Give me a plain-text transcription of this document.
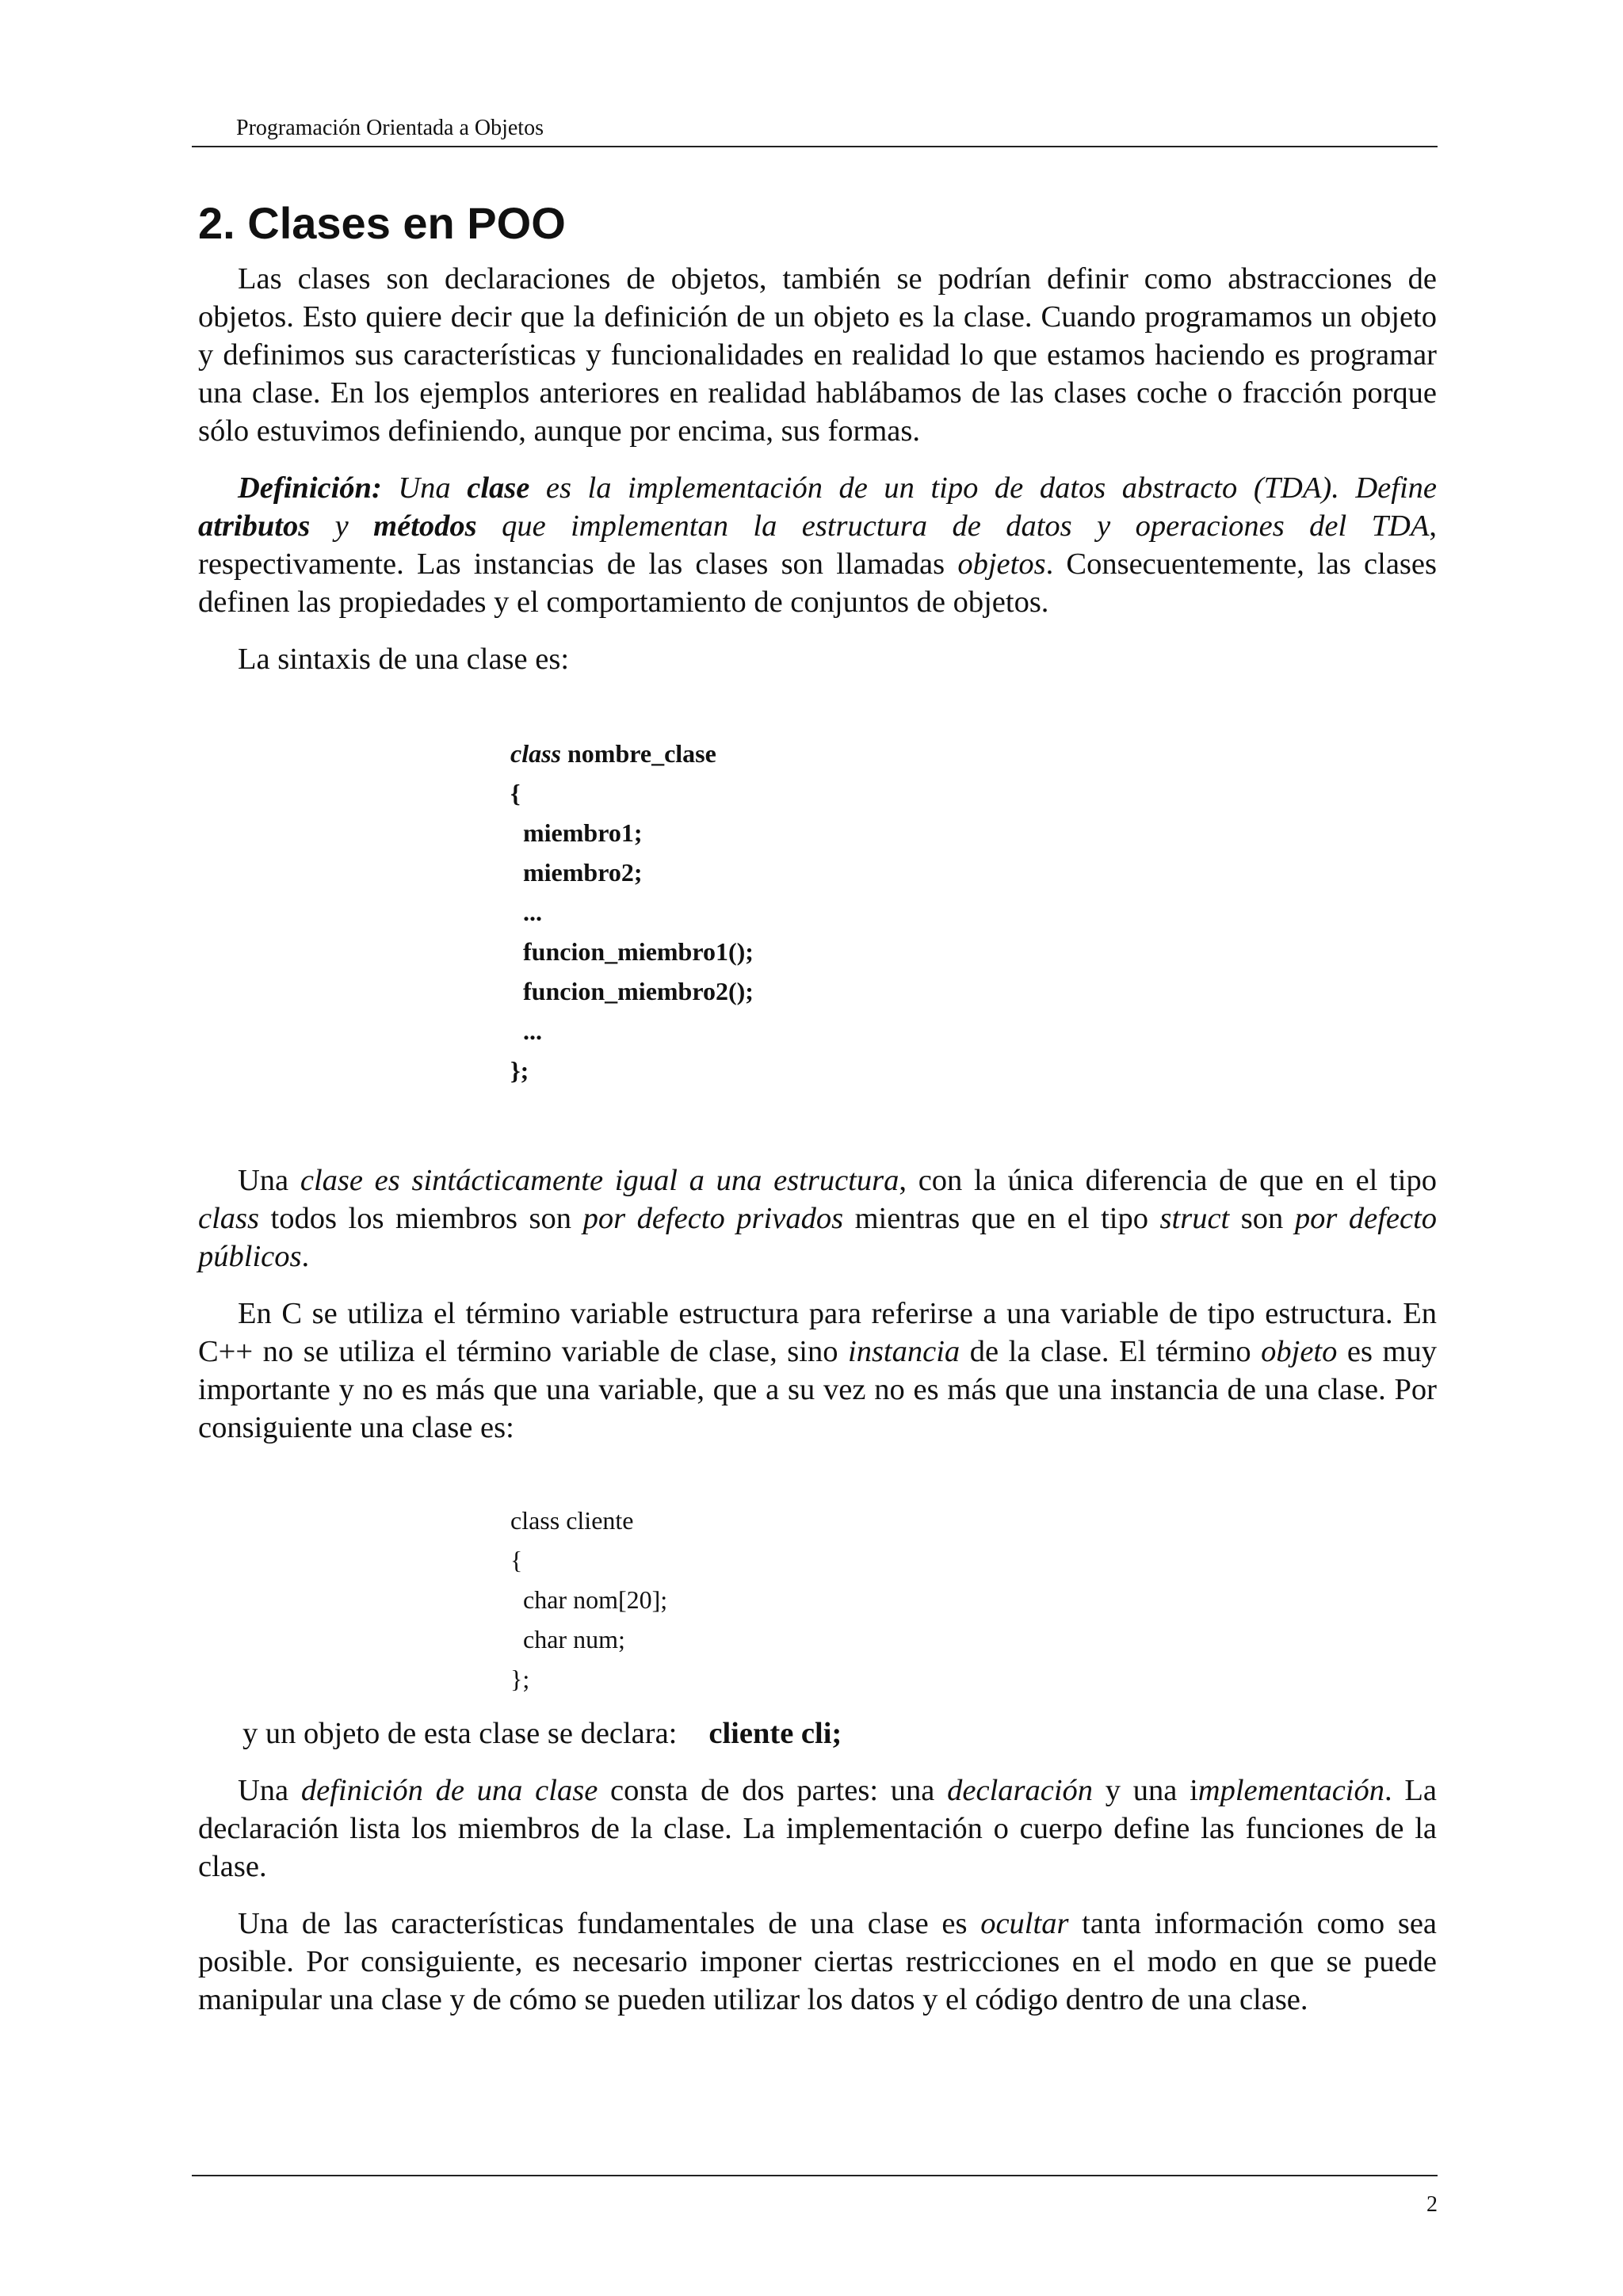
Programación Orientada a Objetos
2. Clases en POO

Las clases son declaraciones de objetos, también se podrían definir como abstracciones de objetos. Esto quiere decir que la definición de un objeto es la clase. Cuando programamos un objeto y definimos sus características y funcionalidades en realidad lo que estamos haciendo es programar una clase. En los ejemplos anteriores en realidad hablábamos de las clases coche o fracción porque sólo estuvimos definiendo, aunque por encima, sus formas.

Definición: Una clase es la implementación de un tipo de datos abstracto (TDA). Define atributos y métodos que implementan la estructura de datos y operaciones del TDA, respectivamente. Las instancias de las clases son llamadas objetos. Consecuentemente, las clases definen las propiedades y el comportamiento de conjuntos de objetos.

La sintaxis de una clase es:

class nombre_clase
{
miembro1;
miembro2;
...
funcion_miembro1();
funcion_miembro2();
...
};

Una clase es sintácticamente igual a una estructura, con la única diferencia de que en el tipo class todos los miembros son por defecto privados mientras que en el tipo struct son por defecto públicos.

En C se utiliza el término variable estructura para referirse a una variable de tipo estructura. En C++ no se utiliza el término variable de clase, sino instancia de la clase. El término objeto es muy importante y no es más que una variable, que a su vez no es más que una instancia de una clase. Por consiguiente una clase es:

class cliente
{
char nom[20];
char num;
};
y un objeto de esta clase se declara: cliente cli;

Una definición de una clase consta de dos partes: una declaración y una implementación. La declaración lista los miembros de la clase. La implementación o cuerpo define las funciones de la clase.

Una de las características fundamentales de una clase es ocultar tanta información como sea posible. Por consiguiente, es necesario imponer ciertas restricciones en el modo en que se puede manipular una clase y de cómo se pueden utilizar los datos y el código dentro de una clase.

2
